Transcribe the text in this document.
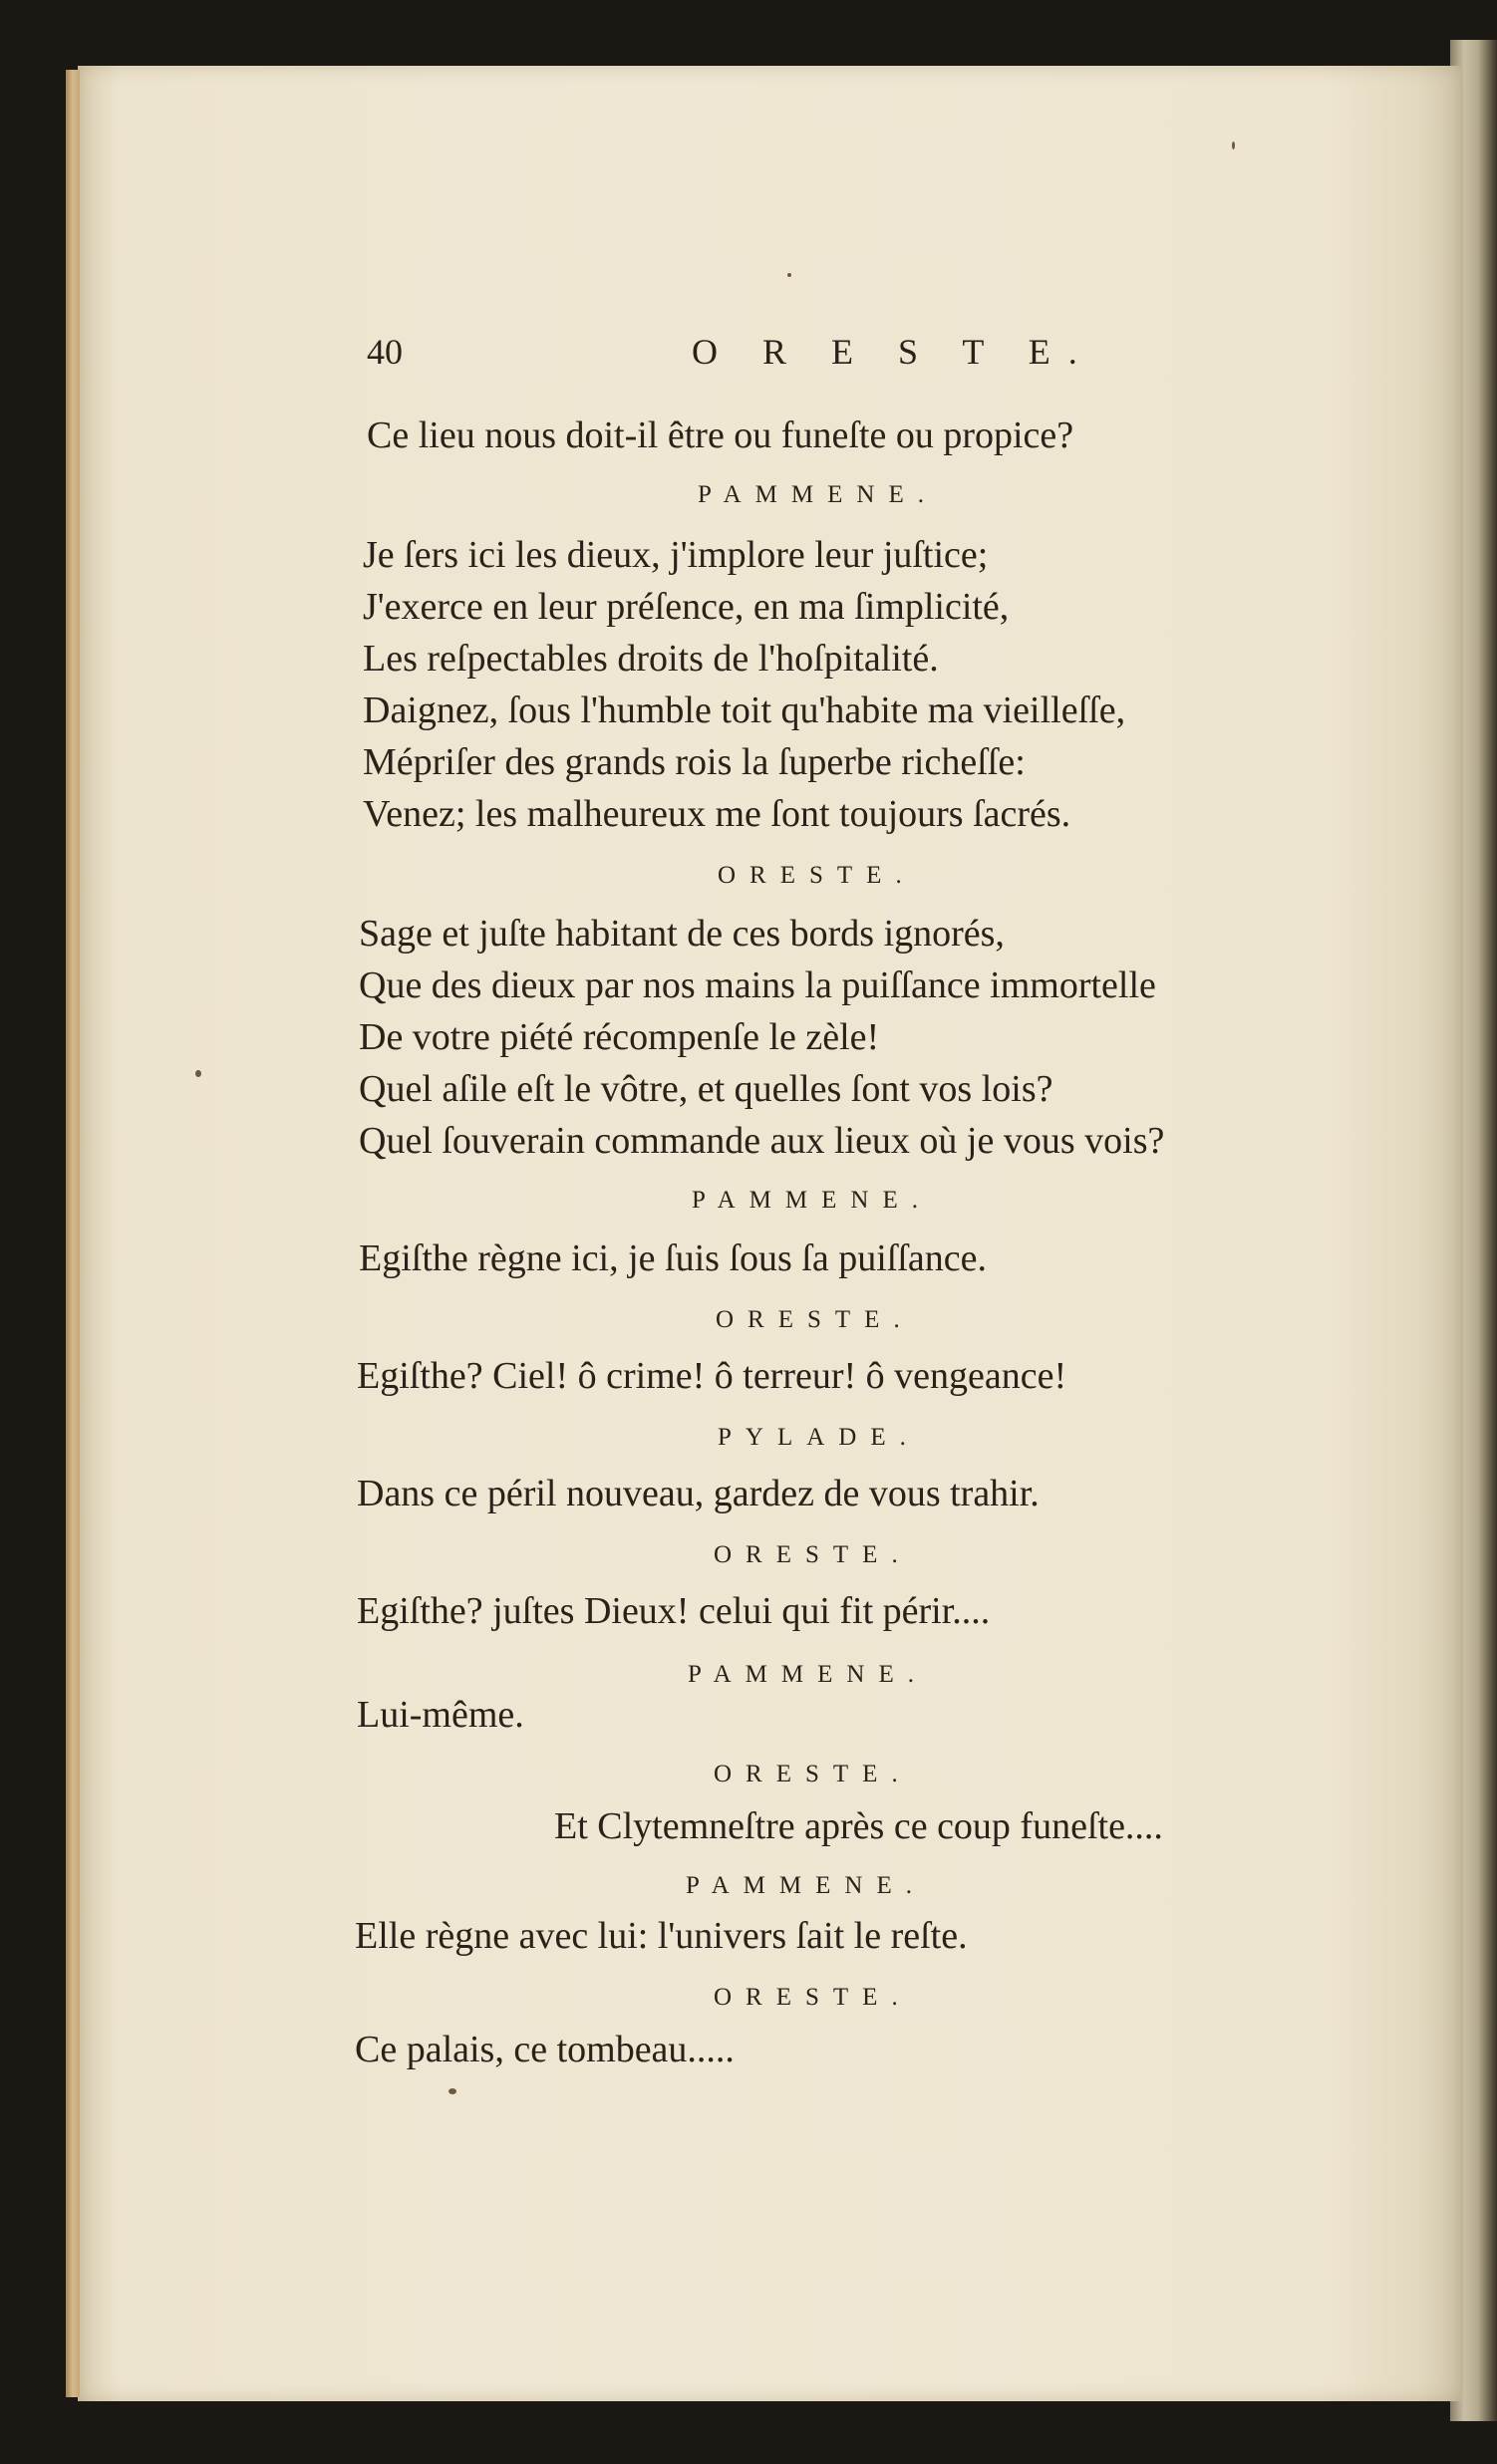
40	O R E S T E.

Ce lieu nous doit-il être ou funeſte ou propice?

PAMMENE.

Je ſers ici les dieux, j'implore leur juſtice;

J'exerce en leur préſence, en ma ſimplicité,

Les reſpectables droits de l'hoſpitalité.

Daignez, ſous l'humble toit qu'habite ma vieilleſſe,

Mépriſer des grands rois la ſuperbe richeſſe:

Venez; les malheureux me ſont toujours ſacrés.

ORESTE.

Sage et juſte habitant de ces bords ignorés,

Que des dieux par nos mains la puiſſance immortelle

De votre piété récompenſe le zèle!

Quel aſile eſt le vôtre, et quelles ſont vos lois?

Quel ſouverain commande aux lieux où je vous vois?

PAMMENE.

Egiſthe règne ici, je ſuis ſous ſa puiſſance.

ORESTE.

Egiſthe? Ciel! ô crime! ô terreur! ô vengeance!

PYLADE.

Dans ce péril nouveau, gardez de vous trahir.

ORESTE.

Egiſthe? juſtes Dieux! celui qui fit périr....

PAMMENE.

Lui-même.

ORESTE.

Et Clytemneſtre après ce coup funeſte....

PAMMENE.

Elle règne avec lui: l'univers ſait le reſte.

ORESTE.

Ce palais, ce tombeau.....
